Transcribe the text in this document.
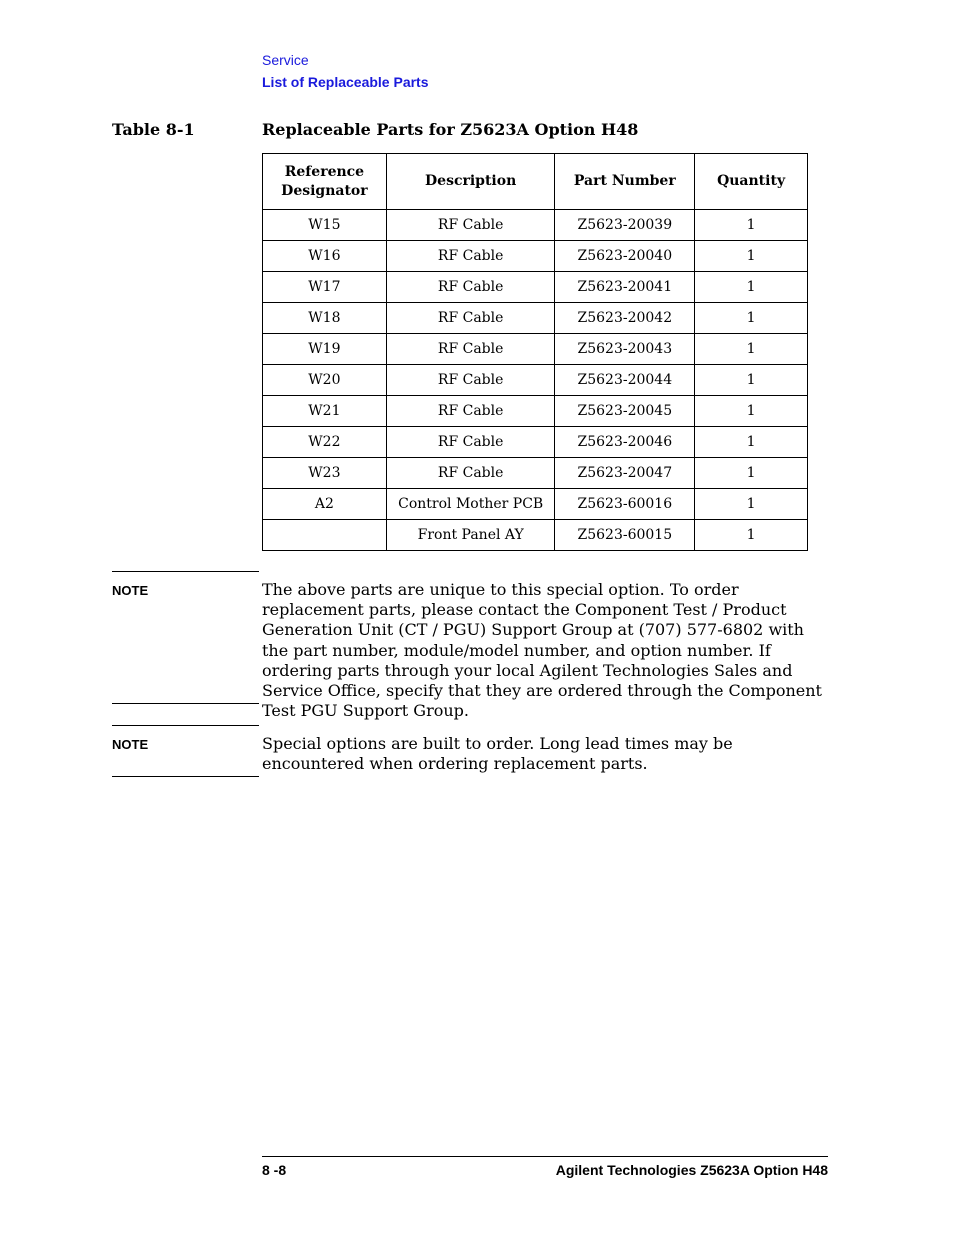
Service
List of Replaceable Parts
Table 8-1	Replaceable Parts for Z5623A Option H48
Reference Designator	Description	Part Number	Quantity
W15	RF Cable	Z5623-20039	1
W16	RF Cable	Z5623-20040	1
W17	RF Cable	Z5623-20041	1
W18	RF Cable	Z5623-20042	1
W19	RF Cable	Z5623-20043	1
W20	RF Cable	Z5623-20044	1
W21	RF Cable	Z5623-20045	1
W22	RF Cable	Z5623-20046	1
W23	RF Cable	Z5623-20047	1
A2	Control Mother PCB	Z5623-60016	1
	Front Panel AY	Z5623-60015	1
NOTE	The above parts are unique to this special option. To order replacement parts, please contact the Component Test / Product Generation Unit (CT / PGU) Support Group at (707) 577-6802 with the part number, module/model number, and option number. If ordering parts through your local Agilent Technologies Sales and Service Office, specify that they are ordered through the Component Test PGU Support Group.
NOTE	Special options are built to order. Long lead times may be encountered when ordering replacement parts.
8 -8	Agilent Technologies Z5623A Option H48
